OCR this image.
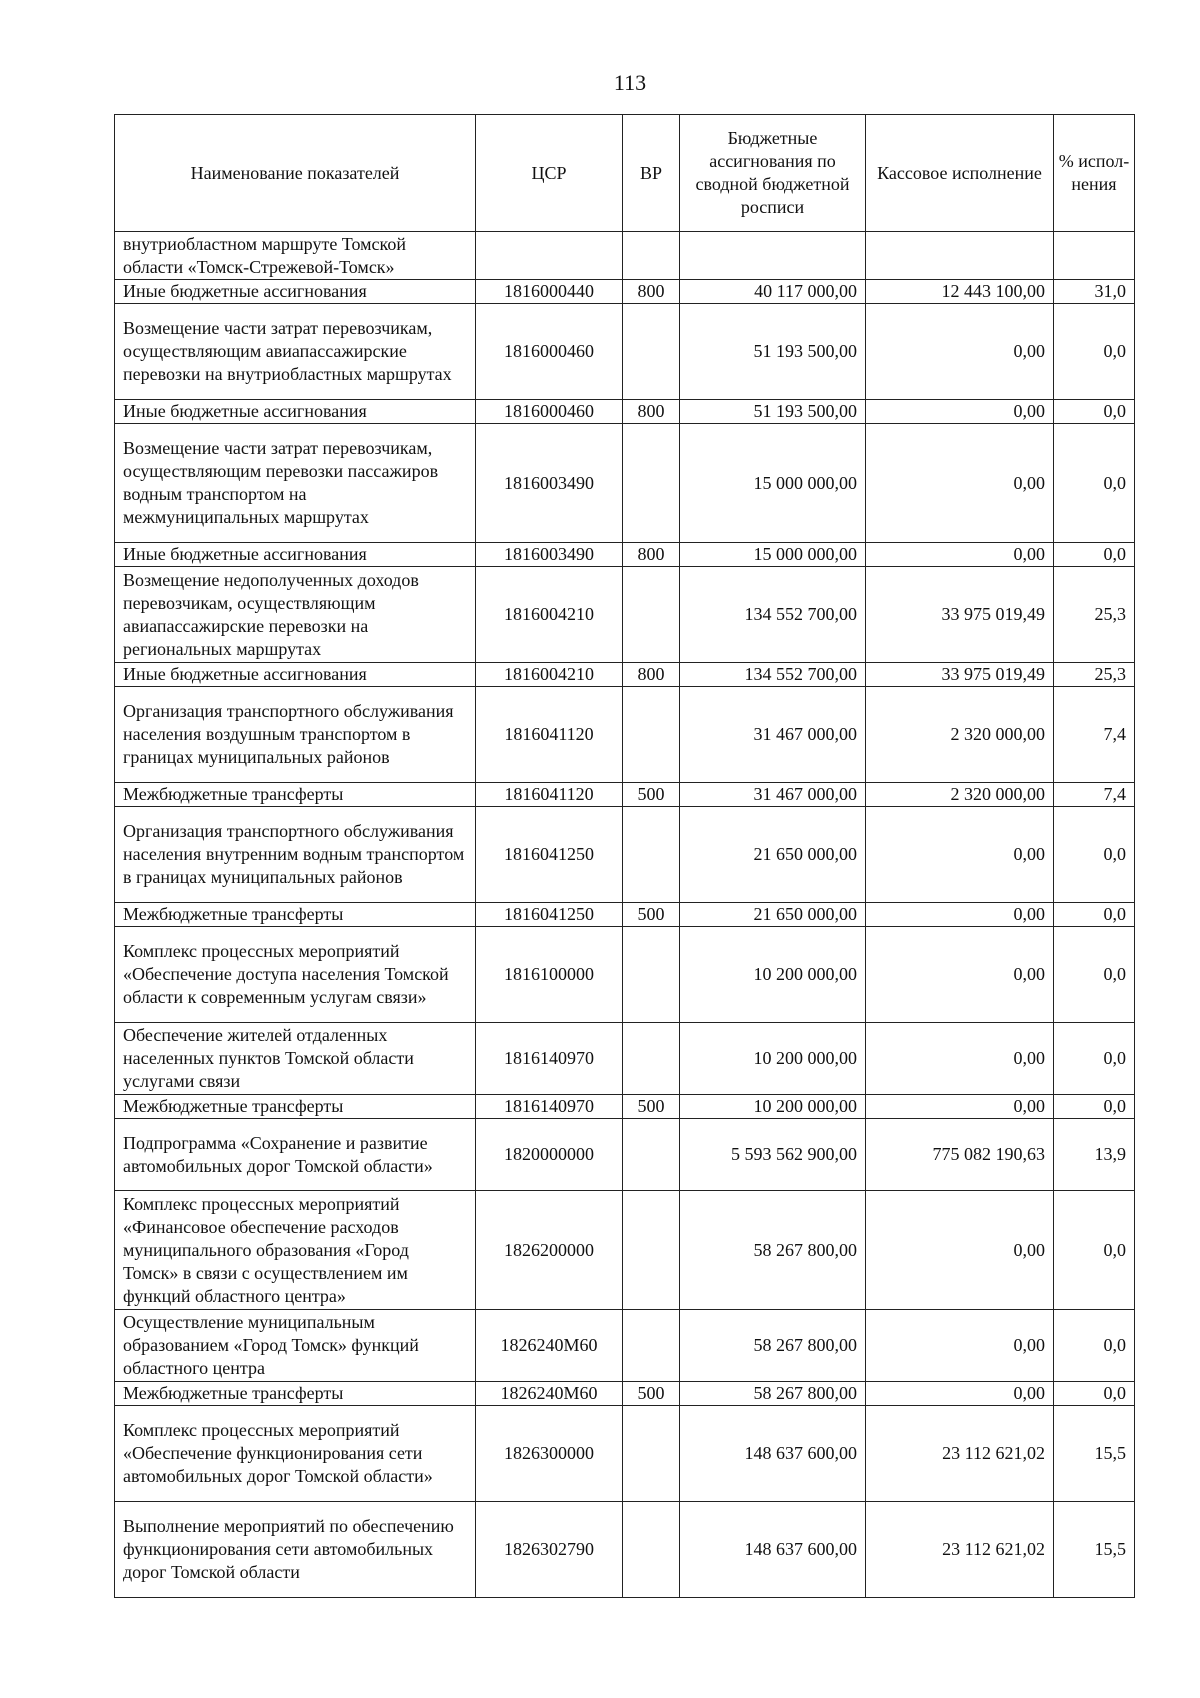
113
Наименование показателей	ЦСР	ВР	Бюджетные ассигнования по сводной бюджетной росписи	Кассовое исполнение	% испол-нения
внутриобластном маршруте Томской области «Томск-Стрежевой-Томск»					
Иные бюджетные ассигнования	1816000440	800	40 117 000,00	12 443 100,00	31,0
Возмещение части затрат перевозчикам, осуществляющим авиапассажирские перевозки на внутриобластных маршрутах	1816000460		51 193 500,00	0,00	0,0
Иные бюджетные ассигнования	1816000460	800	51 193 500,00	0,00	0,0
Возмещение части затрат перевозчикам, осуществляющим перевозки пассажиров водным транспортом на межмуниципальных маршрутах	1816003490		15 000 000,00	0,00	0,0
Иные бюджетные ассигнования	1816003490	800	15 000 000,00	0,00	0,0
Возмещение недополученных доходов перевозчикам, осуществляющим авиапассажирские перевозки на региональных маршрутах	1816004210		134 552 700,00	33 975 019,49	25,3
Иные бюджетные ассигнования	1816004210	800	134 552 700,00	33 975 019,49	25,3
Организация транспортного обслуживания населения воздушным транспортом в границах муниципальных районов	1816041120		31 467 000,00	2 320 000,00	7,4
Межбюджетные трансферты	1816041120	500	31 467 000,00	2 320 000,00	7,4
Организация транспортного обслуживания населения внутренним водным транспортом в границах муниципальных районов	1816041250		21 650 000,00	0,00	0,0
Межбюджетные трансферты	1816041250	500	21 650 000,00	0,00	0,0
Комплекс процессных мероприятий «Обеспечение доступа населения Томской области к современным услугам связи»	1816100000		10 200 000,00	0,00	0,0
Обеспечение жителей отдаленных населенных пунктов Томской области услугами связи	1816140970		10 200 000,00	0,00	0,0
Межбюджетные трансферты	1816140970	500	10 200 000,00	0,00	0,0
Подпрограмма «Сохранение и развитие автомобильных дорог Томской области»	1820000000		5 593 562 900,00	775 082 190,63	13,9
Комплекс процессных мероприятий «Финансовое обеспечение расходов муниципального образования «Город Томск» в связи с осуществлением им функций областного центра»	1826200000		58 267 800,00	0,00	0,0
Осуществление муниципальным образованием «Город Томск» функций областного центра	1826240M60		58 267 800,00	0,00	0,0
Межбюджетные трансферты	1826240M60	500	58 267 800,00	0,00	0,0
Комплекс процессных мероприятий «Обеспечение функционирования сети автомобильных дорог Томской области»	1826300000		148 637 600,00	23 112 621,02	15,5
Выполнение мероприятий по обеспечению функционирования сети автомобильных дорог Томской области	1826302790		148 637 600,00	23 112 621,02	15,5
